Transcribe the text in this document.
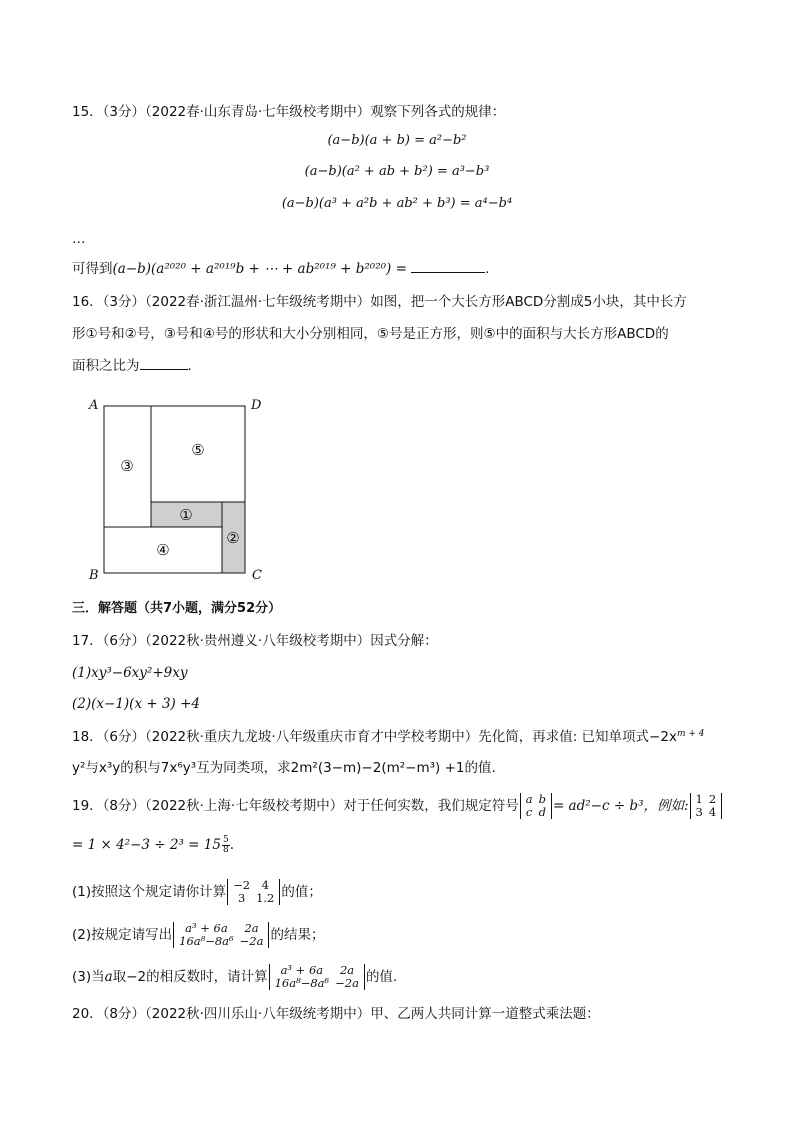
15．（3分）（2022春·山东青岛·七年级校考期中）观察下列各式的规律：
(a−b)(a + b) = a²−b²
(a−b)(a² + ab + b²) = a³−b³
(a−b)(a³ + a²b + ab² + b³) = a⁴−b⁴
…
可得到(a−b)(a²⁰²⁰ + a²⁰¹⁹b + ⋯ + ab²⁰¹⁹ + b²⁰²⁰) =	.
16．（3分）（2022春·浙江温州·七年级统考期中）如图，把一个大长方形ABCD分割成5小块，其中长方
形①号和②号，③号和④号的形状和大小分别相同，⑤号是正方形，则⑤中的面积与大长方形ABCD的
面积之比为	.
A	D
B	C
③
⑤
①
②
④
三．解答题（共7小题，满分52分）
17．（6分）（2022秋·贵州遵义·八年级校考期中）因式分解：
(1)xy³−6xy²+9xy
(2)(x−1)(x + 3) +4
18．（6分）（2022秋·重庆九龙坡·八年级重庆市育才中学校考期中）先化简，再求值: 已知单项式$-2x^{m + 4}$
y²与x³y的积与7x⁶y³互为同类项，求2m²(3−m)−2(m²−m³) +1的值.
19．（8分）（2022秋·上海·七年级校考期中）对于任何实数，我们规定符号 a	b
c	d = ad²−c ÷ b³，例如: 1	2
3	4
= $1 \times 4^2-3 \div 2^3 = 15 \frac{5}{8}$ .
(1)按照这个规定请你计算 −2	4
3	1.2 的值；
(2)按规定请写出 a³ + 6a	2a
16a⁸−8a⁶	−2a 的结果；
(3)当a取−2的相反数时，请计算 a³ + 6a	2a
16a⁸−8a⁶	−2a 的值.
20．（8分）（2022秋·四川乐山·八年级统考期中）甲、乙两人共同计算一道整式乘法题：
